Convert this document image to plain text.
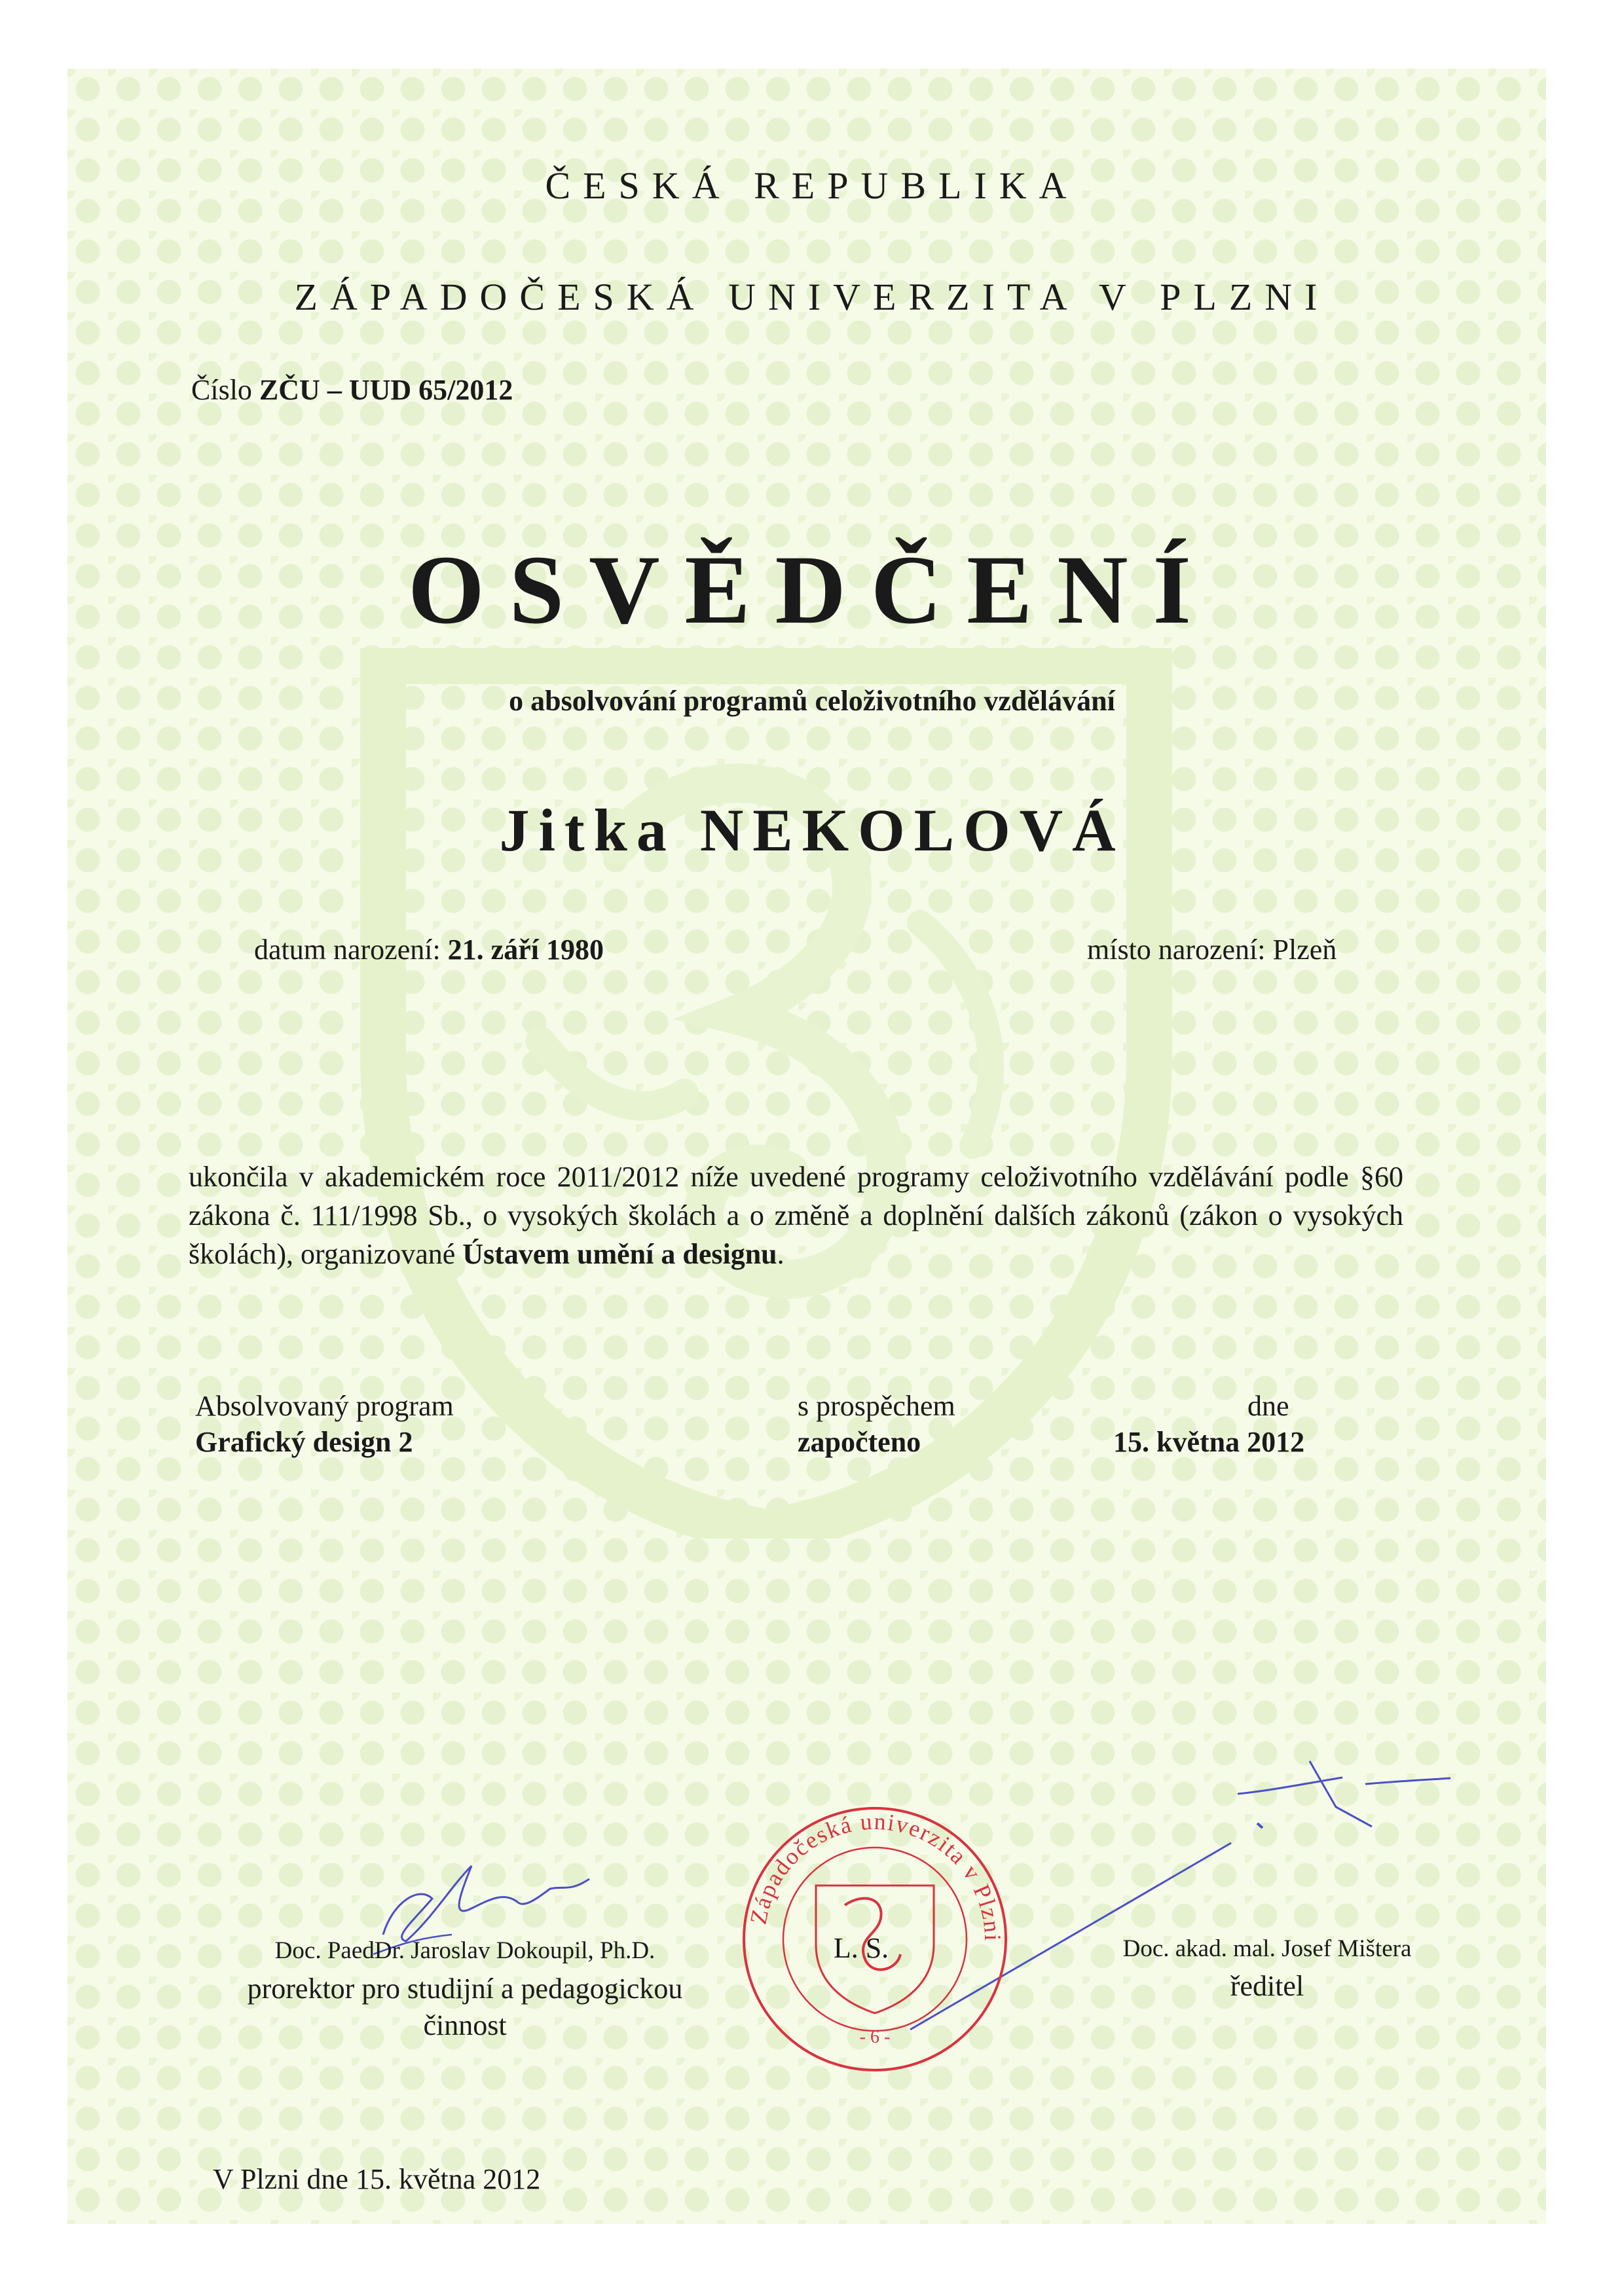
ČESKÁ REPUBLIKA
ZÁPADOČESKÁ UNIVERZITA V PLZNI
Číslo ZČU – UUD 65/2012
OSVĚDČENÍ
o absolvování programů celoživotního vzdělávání
Jitka NEKOLOVÁ
datum narození: 21. září 1980	místo narození: Plzeň
ukončila v akademickém roce 2011/2012 níže uvedené programy celoživotního vzdělávání podle §60 zákona č. 111/1998 Sb., o vysokých školách a o změně a doplnění dalších zákonů (zákon o vysokých školách), organizované Ústavem umění a designu.
Absolvovaný program
Grafický design 2
s prospěchem
započteno
dne
15. května 2012
Západočeská univerzita v Plzni
- 6 -
Doc. PaedDr. Jaroslav Dokoupil, Ph.D.
prorektor pro studijní a pedagogickou
činnost
L. S.	Doc. akad. mal. Josef Mištera
ředitel
V Plzni dne 15. května 2012
